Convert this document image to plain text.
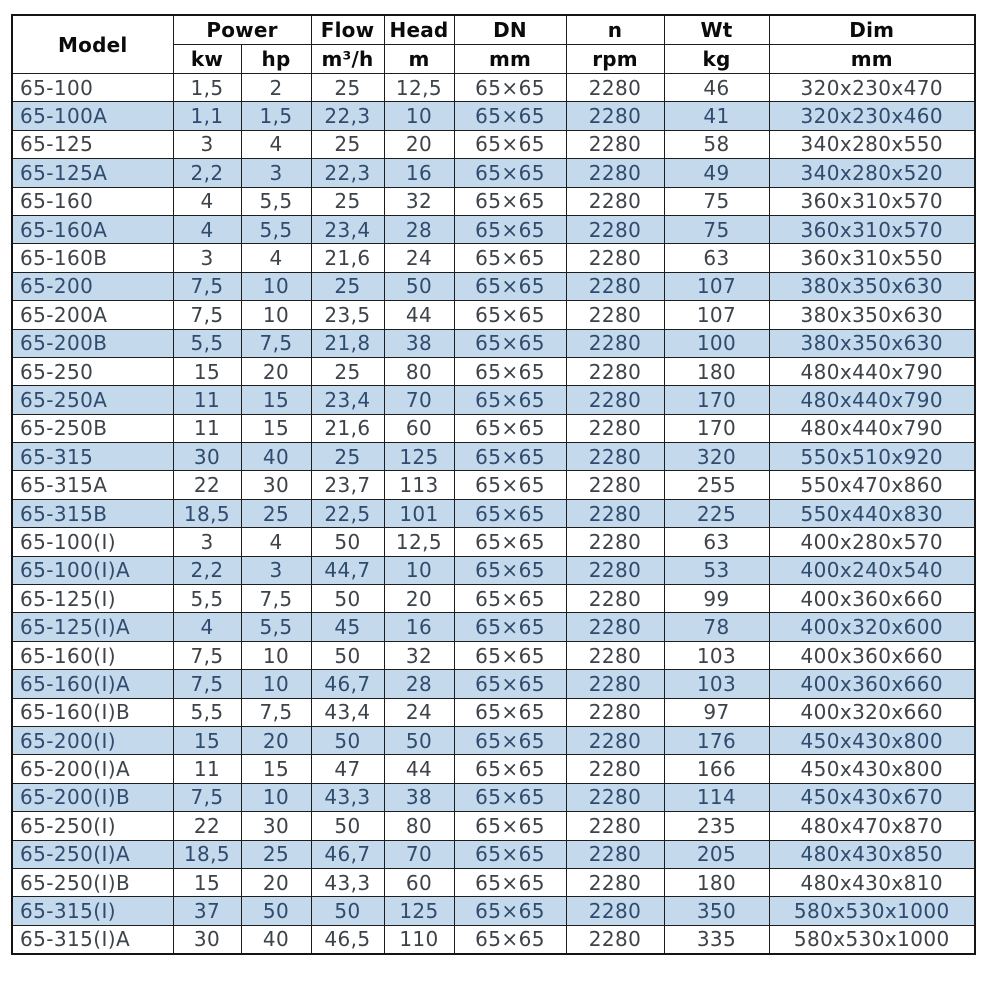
Model	Power		Flow	Head	DN	n	Wt	Dim
	kw	hp	m³/h	m	mm	rpm	kg	mm
65-100	1,5	2	25	12,5	65×65	2280	46	320x230x470
65-100A	1,1	1,5	22,3	10	65×65	2280	41	320x230x460
65-125	3	4	25	20	65×65	2280	58	340x280x550
65-125A	2,2	3	22,3	16	65×65	2280	49	340x280x520
65-160	4	5,5	25	32	65×65	2280	75	360x310x570
65-160A	4	5,5	23,4	28	65×65	2280	75	360x310x570
65-160B	3	4	21,6	24	65×65	2280	63	360x310x550
65-200	7,5	10	25	50	65×65	2280	107	380x350x630
65-200A	7,5	10	23,5	44	65×65	2280	107	380x350x630
65-200B	5,5	7,5	21,8	38	65×65	2280	100	380x350x630
65-250	15	20	25	80	65×65	2280	180	480x440x790
65-250A	11	15	23,4	70	65×65	2280	170	480x440x790
65-250B	11	15	21,6	60	65×65	2280	170	480x440x790
65-315	30	40	25	125	65×65	2280	320	550x510x920
65-315A	22	30	23,7	113	65×65	2280	255	550x470x860
65-315B	18,5	25	22,5	101	65×65	2280	225	550x440x830
65-100(I)	3	4	50	12,5	65×65	2280	63	400x280x570
65-100(I)A	2,2	3	44,7	10	65×65	2280	53	400x240x540
65-125(I)	5,5	7,5	50	20	65×65	2280	99	400x360x660
65-125(I)A	4	5,5	45	16	65×65	2280	78	400x320x600
65-160(I)	7,5	10	50	32	65×65	2280	103	400x360x660
65-160(I)A	7,5	10	46,7	28	65×65	2280	103	400x360x660
65-160(I)B	5,5	7,5	43,4	24	65×65	2280	97	400x320x660
65-200(I)	15	20	50	50	65×65	2280	176	450x430x800
65-200(I)A	11	15	47	44	65×65	2280	166	450x430x800
65-200(I)B	7,5	10	43,3	38	65×65	2280	114	450x430x670
65-250(I)	22	30	50	80	65×65	2280	235	480x470x870
65-250(I)A	18,5	25	46,7	70	65×65	2280	205	480x430x850
65-250(I)B	15	20	43,3	60	65×65	2280	180	480x430x810
65-315(I)	37	50	50	125	65×65	2280	350	580x530x1000
65-315(I)A	30	40	46,5	110	65×65	2280	335	580x530x1000
